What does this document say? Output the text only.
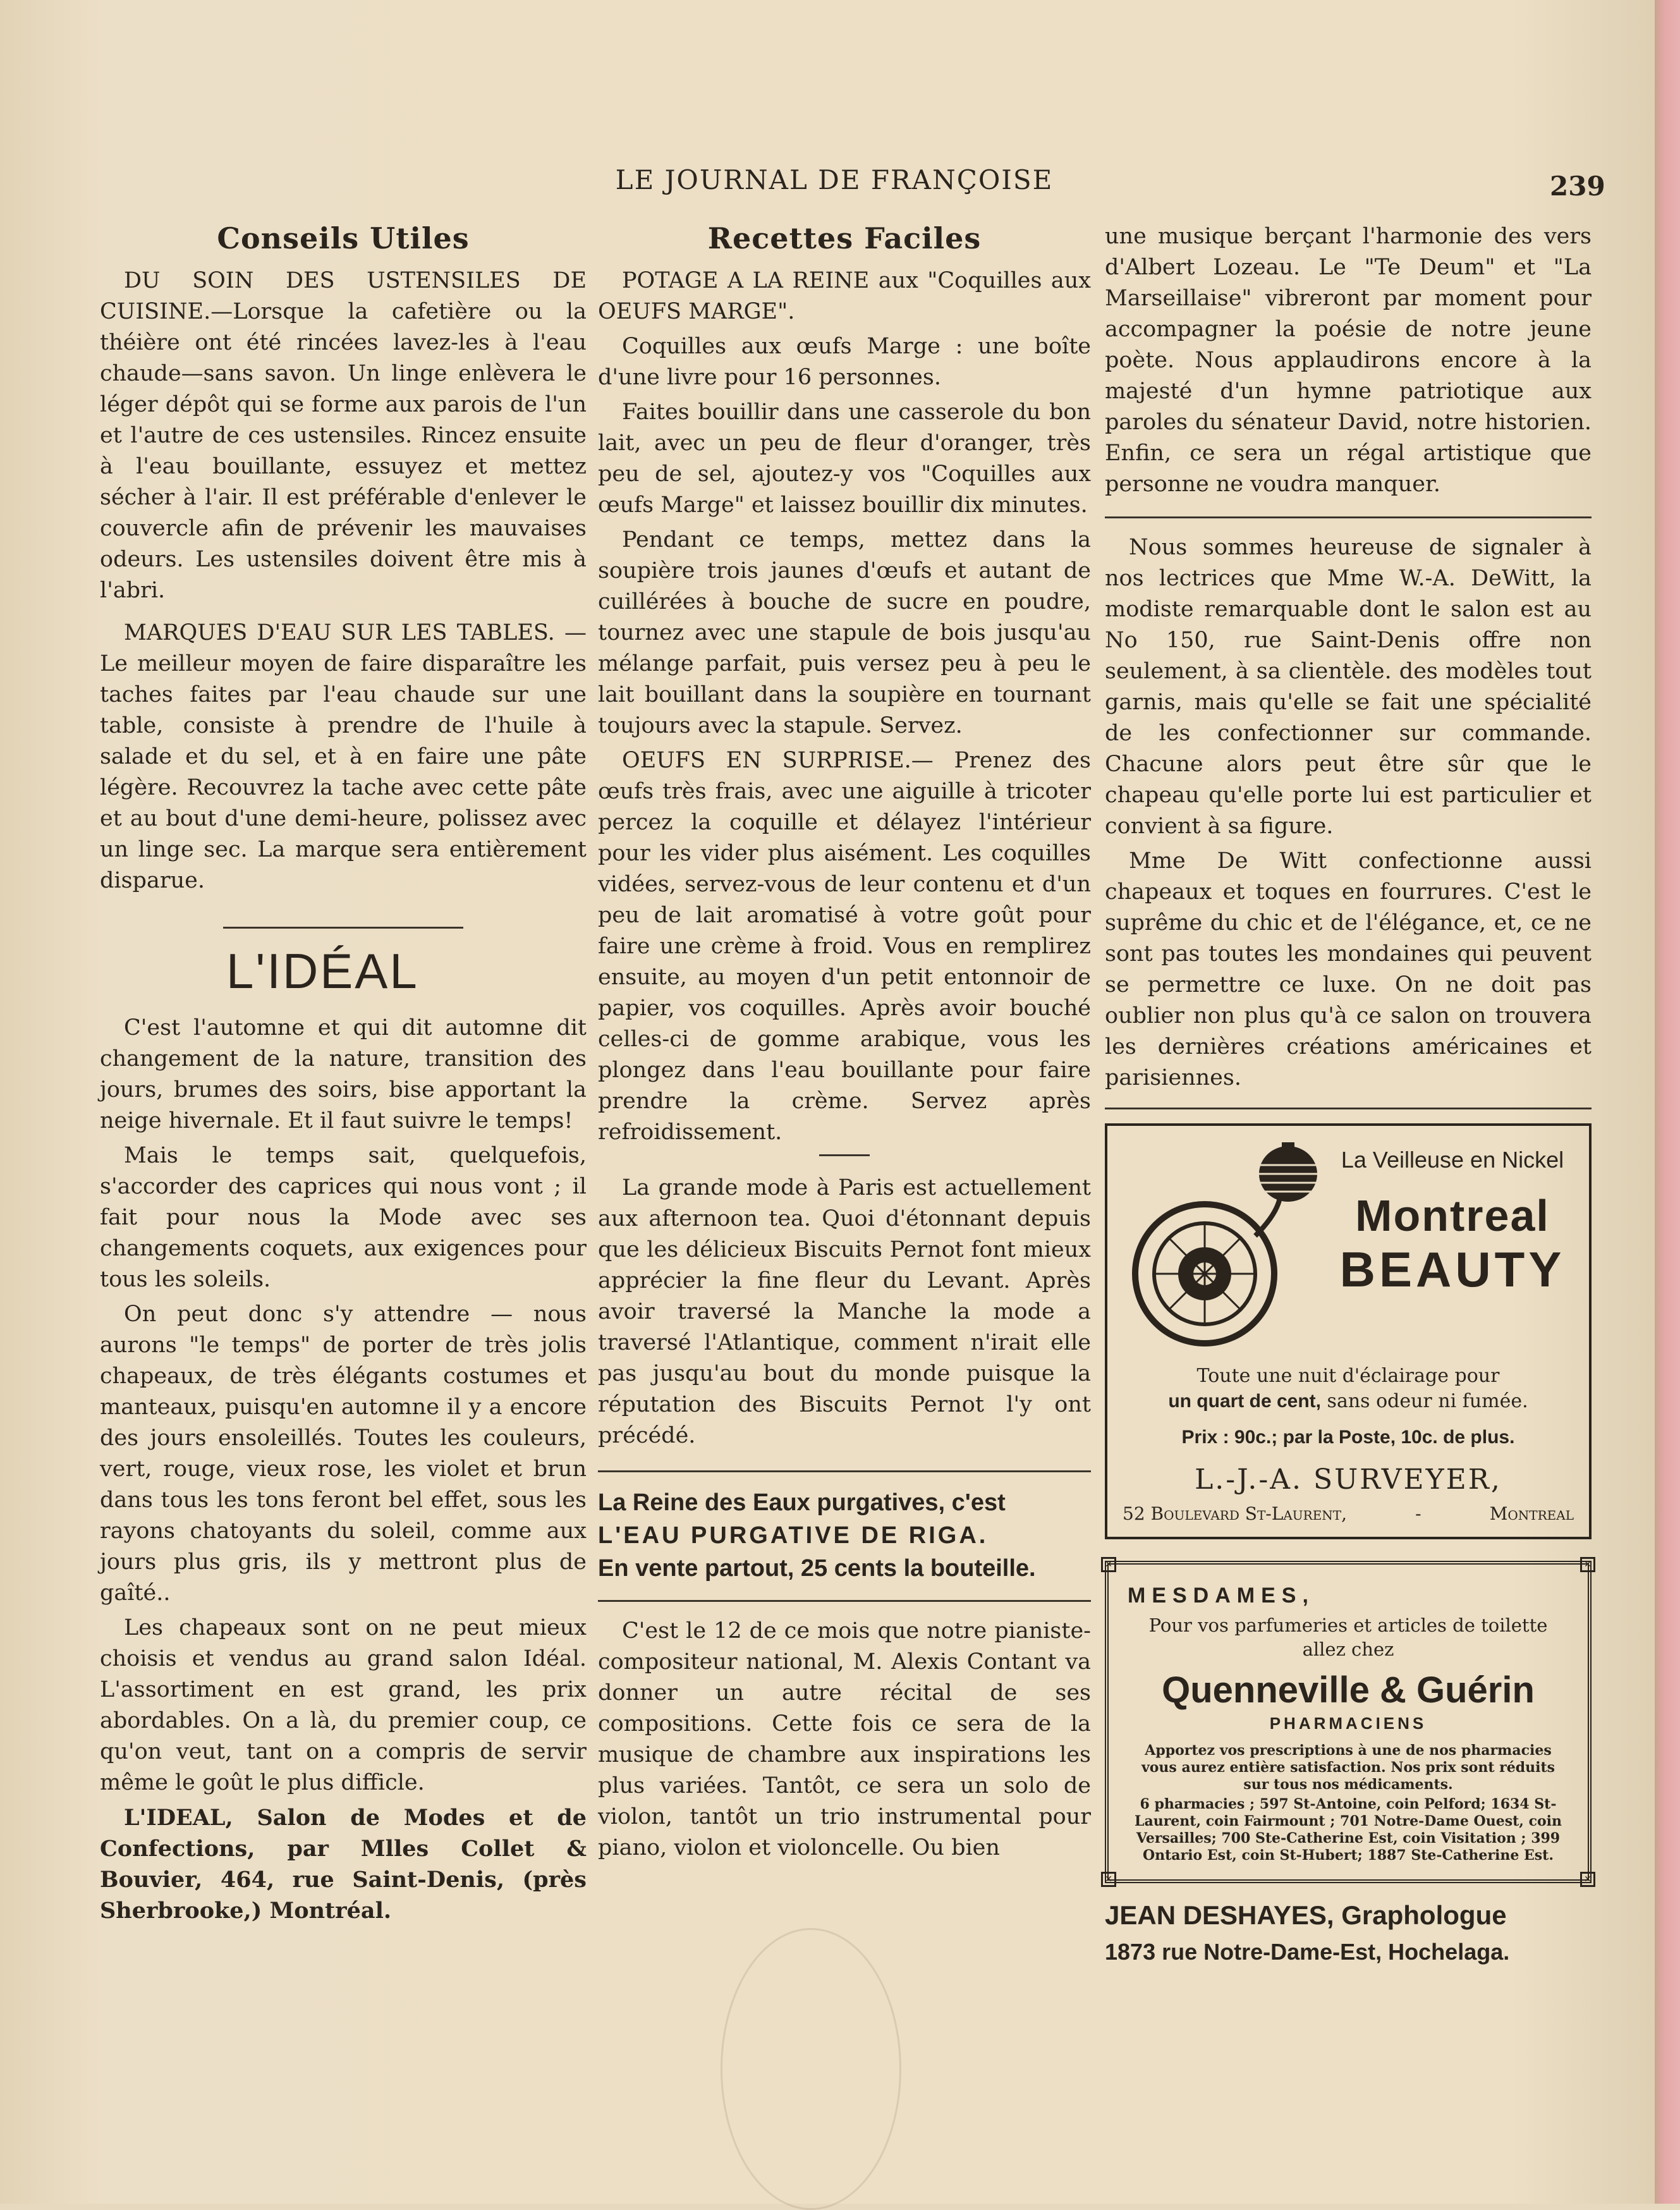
LE JOURNAL DE FRANÇOISE	239
Conseils Utiles

DU SOIN DES USTENSILES DE CUISINE.—Lorsque la cafetière ou la théière ont été rincées lavez-les à l'eau chaude—sans savon. Un linge enlèvera le léger dépôt qui se forme aux parois de l'un et l'autre de ces ustensiles. Rincez ensuite à l'eau bouillante, essuyez et mettez sécher à l'air. Il est préférable d'enlever le couvercle afin de prévenir les mauvaises odeurs. Les ustensiles doivent être mis à l'abri.

MARQUES D'EAU SUR LES TABLES. — Le meilleur moyen de faire disparaître les taches faites par l'eau chaude sur une table, consiste à prendre de l'huile à salade et du sel, et à en faire une pâte légère. Recouvrez la tache avec cette pâte et au bout d'une demi-heure, polissez avec un linge sec. La marque sera entièrement disparue.

L'IDÉAL

C'est l'automne et qui dit automne dit changement de la nature, transition des jours, brumes des soirs, bise apportant la neige hivernale. Et il faut suivre le temps!

Mais le temps sait, quelquefois, s'accorder des caprices qui nous vont ; il fait pour nous la Mode avec ses changements coquets, aux exigences pour tous les soleils.

On peut donc s'y attendre — nous aurons "le temps" de porter de très jolis chapeaux, de très élégants costumes et manteaux, puisqu'en automne il y a encore des jours ensoleillés. Toutes les couleurs, vert, rouge, vieux rose, les violet et brun dans tous les tons feront bel effet, sous les rayons chatoyants du soleil, comme aux jours plus gris, ils y mettront plus de gaîté..

Les chapeaux sont on ne peut mieux choisis et vendus au grand salon Idéal. L'assortiment en est grand, les prix abordables. On a là, du premier coup, ce qu'on veut, tant on a compris de servir même le goût le plus difficle.

L'IDEAL, Salon de Modes et de Confections, par Mlles Collet & Bouvier, 464, rue Saint-Denis, (près Sherbrooke,) Montréal.

Recettes Faciles

POTAGE A LA REINE aux "Coquilles aux OEUFS MARGE".

Coquilles aux œufs Marge : une boîte d'une livre pour 16 personnes.

Faites bouillir dans une casserole du bon lait, avec un peu de fleur d'oranger, très peu de sel, ajoutez-y vos "Coquilles aux œufs Marge" et laissez bouillir dix minutes.

Pendant ce temps, mettez dans la soupière trois jaunes d'œufs et autant de cuillérées à bouche de sucre en poudre, tournez avec une stapule de bois jusqu'au mélange parfait, puis versez peu à peu le lait bouillant dans la soupière en tournant toujours avec la stapule. Servez.

OEUFS EN SURPRISE.— Prenez des œufs très frais, avec une aiguille à tricoter percez la coquille et délayez l'intérieur pour les vider plus aisément. Les coquilles vidées, servez-vous de leur contenu et d'un peu de lait aromatisé à votre goût pour faire une crème à froid. Vous en remplirez ensuite, au moyen d'un petit entonnoir de papier, vos coquilles. Après avoir bouché celles-ci de gomme arabique, vous les plongez dans l'eau bouillante pour faire prendre la crème. Servez après refroidissement.

La grande mode à Paris est actuellement aux afternoon tea. Quoi d'étonnant depuis que les délicieux Biscuits Pernot font mieux apprécier la fine fleur du Levant. Après avoir traversé la Manche la mode a traversé l'Atlantique, comment n'irait elle pas jusqu'au bout du monde puisque la réputation des Biscuits Pernot l'y ont précédé.

La Reine des Eaux purgatives, c'est
L'EAU PURGATIVE DE RIGA.
En vente partout, 25 cents la bouteille.

C'est le 12 de ce mois que notre pianiste-compositeur national, M. Alexis Contant va donner un autre récital de ses compositions. Cette fois ce sera de la musique de chambre aux inspirations les plus variées. Tantôt, ce sera un solo de violon, tantôt un trio instrumental pour piano, violon et violoncelle. Ou bien

une musique berçant l'harmonie des vers d'Albert Lozeau. Le "Te Deum" et "La Marseillaise" vibreront par moment pour accompagner la poésie de notre jeune poète. Nous applaudirons encore à la majesté d'un hymne patriotique aux paroles du sénateur David, notre historien. Enfin, ce sera un régal artistique que personne ne voudra manquer.

Nous sommes heureuse de signaler à nos lectrices que Mme W.-A. DeWitt, la modiste remarquable dont le salon est au No 150, rue Saint-Denis offre non seulement, à sa clientèle. des modèles tout garnis, mais qu'elle se fait une spécialité de les confectionner sur commande. Chacune alors peut être sûr que le chapeau qu'elle porte lui est particulier et convient à sa figure.

Mme De Witt confectionne aussi chapeaux et toques en fourrures. C'est le suprême du chic et de l'élégance, et, ce ne sont pas toutes les mondaines qui peuvent se permettre ce luxe. On ne doit pas oublier non plus qu'à ce salon on trouvera les dernières créations américaines et parisiennes.

La Veilleuse en Nickel
Montreal
BEAUTY
Toute une nuit d'éclairage pour
un quart de cent, sans odeur ni fumée.
Prix : 90c.; par la Poste, 10c. de plus.
L.-J.-A. SURVEYER,
52 Boulevard St-Laurent,	-	Montreal
✕	✕
✕	✕
MESDAMES,
Pour vos parfumeries et articles de toilette allez chez
Quenneville & Guérin
PHARMACIENS
Apportez vos prescriptions à une de nos pharmacies vous aurez entière satisfaction. Nos prix sont réduits sur tous nos médicaments.
6 pharmacies ; 597 St-Antoine, coin Pelford; 1634 St-Laurent, coin Fairmount ; 701 Notre-Dame Ouest, coin Versailles; 700 Ste-Catherine Est, coin Visitation ; 399 Ontario Est, coin St-Hubert; 1887 Ste-Catherine Est.
JEAN DESHAYES, Graphologue
1873 rue Notre-Dame-Est, Hochelaga.
